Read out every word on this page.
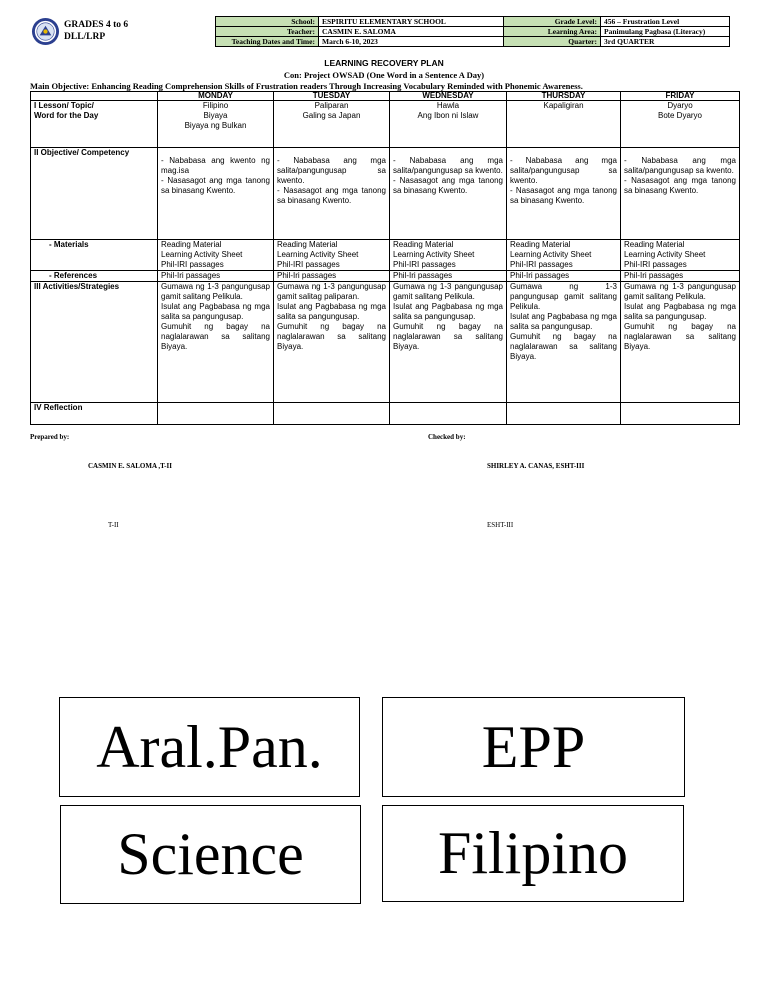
GRADES 4 to 6
DLL/LRP
School:	ESPIRITU ELEMENTARY SCHOOL	Grade Level:	456 – Frustration Level
Teacher:	CASMIN E. SALOMA	Learning Area:	Panimulang Pagbasa (Literacy)
Teaching Dates and Time:	March 6-10, 2023	Quarter:	3rd QUARTER
LEARNING RECOVERY PLAN
Con: Project OWSAD (One Word in a Sentence A Day)
Main Objective: Enhancing Reading Comprehension Skills of Frustration readers Through Increasing Vocabulary Reminded with Phonemic Awareness.
	MONDAY	TUESDAY	WEDNESDAY	THURSDAY	FRIDAY

I Lesson/ Topic/
Word for the Day	Filipino
Biyaya
Biyaya ng Bulkan	Paliparan
Galing sa Japan	Hawla
Ang Ibon ni Islaw	Kapaligiran	Dyaryo
Bote Dyaryo

II Objective/ Competency	- Nababasa ang kwento ng mag.isa
- Nasasagot ang mga tanong sa binasang Kwento.	- Nababasa ang mga salita/pangungusap sa kwento.
- Nasasagot ang mga tanong sa binasang Kwento.	- Nababasa ang mga salita/pangungusap sa kwento.
- Nasasagot ang mga tanong sa binasang Kwento.	- Nababasa ang mga salita/pangungusap sa kwento.
- Nasasagot ang mga tanong sa binasang Kwento.	- Nababasa ang mga salita/pangungusap sa kwento.
- Nasasagot ang mga tanong sa binasang Kwento.

- Materials	Reading Material
Learning Activity Sheet
Phil-IRI passages	Reading Material
Learning Activity Sheet
Phil-IRI passages	Reading Material
Learning Activity Sheet
Phil-IRI passages	Reading Material
Learning Activity Sheet
Phil-IRI passages	Reading Material
Learning Activity Sheet
Phil-IRI passages

- References	Phil-Iri passages	Phil-Iri passages	Phil-Iri passages	Phil-Iri passages	Phil-Iri passages
III Activities/Strategies	Gumawa ng 1-3 pangungusap gamit salitang Pelikula.
Isulat ang Pagbabasa ng mga salita sa pangungusap.
Gumuhit ng bagay na naglalarawan sa salitang Biyaya.	Gumawa ng 1-3 pangungusap gamit salitag paliparan.
Isulat ang Pagbabasa ng mga salita sa pangungusap.
Gumuhit ng bagay na naglalarawan sa salitang Biyaya.	Gumawa ng 1-3 pangungusap gamit salitang Pelikula.
Isulat ang Pagbabasa ng mga salita sa pangungusap.
Gumuhit ng bagay na naglalarawan sa salitang Biyaya.	Gumawa ng 1-3 pangungusap gamit salitang Pelikula.
Isulat ang Pagbabasa ng mga salita sa pangungusap.
Gumuhit ng bagay na naglalarawan sa salitang Biyaya.	Gumawa ng 1-3 pangungusap gamit salitang Pelikula.
Isulat ang Pagbabasa ng mga salita sa pangungusap.
Gumuhit ng bagay na naglalarawan sa salitang Biyaya.

IV Reflection					
Prepared by:	Checked by:
CASMIN E. SALOMA ,T-II	SHIRLEY A. CANAS, ESHT-III
T-II	ESHT-III
Aral.Pan.	EPP
Science	Filipino
